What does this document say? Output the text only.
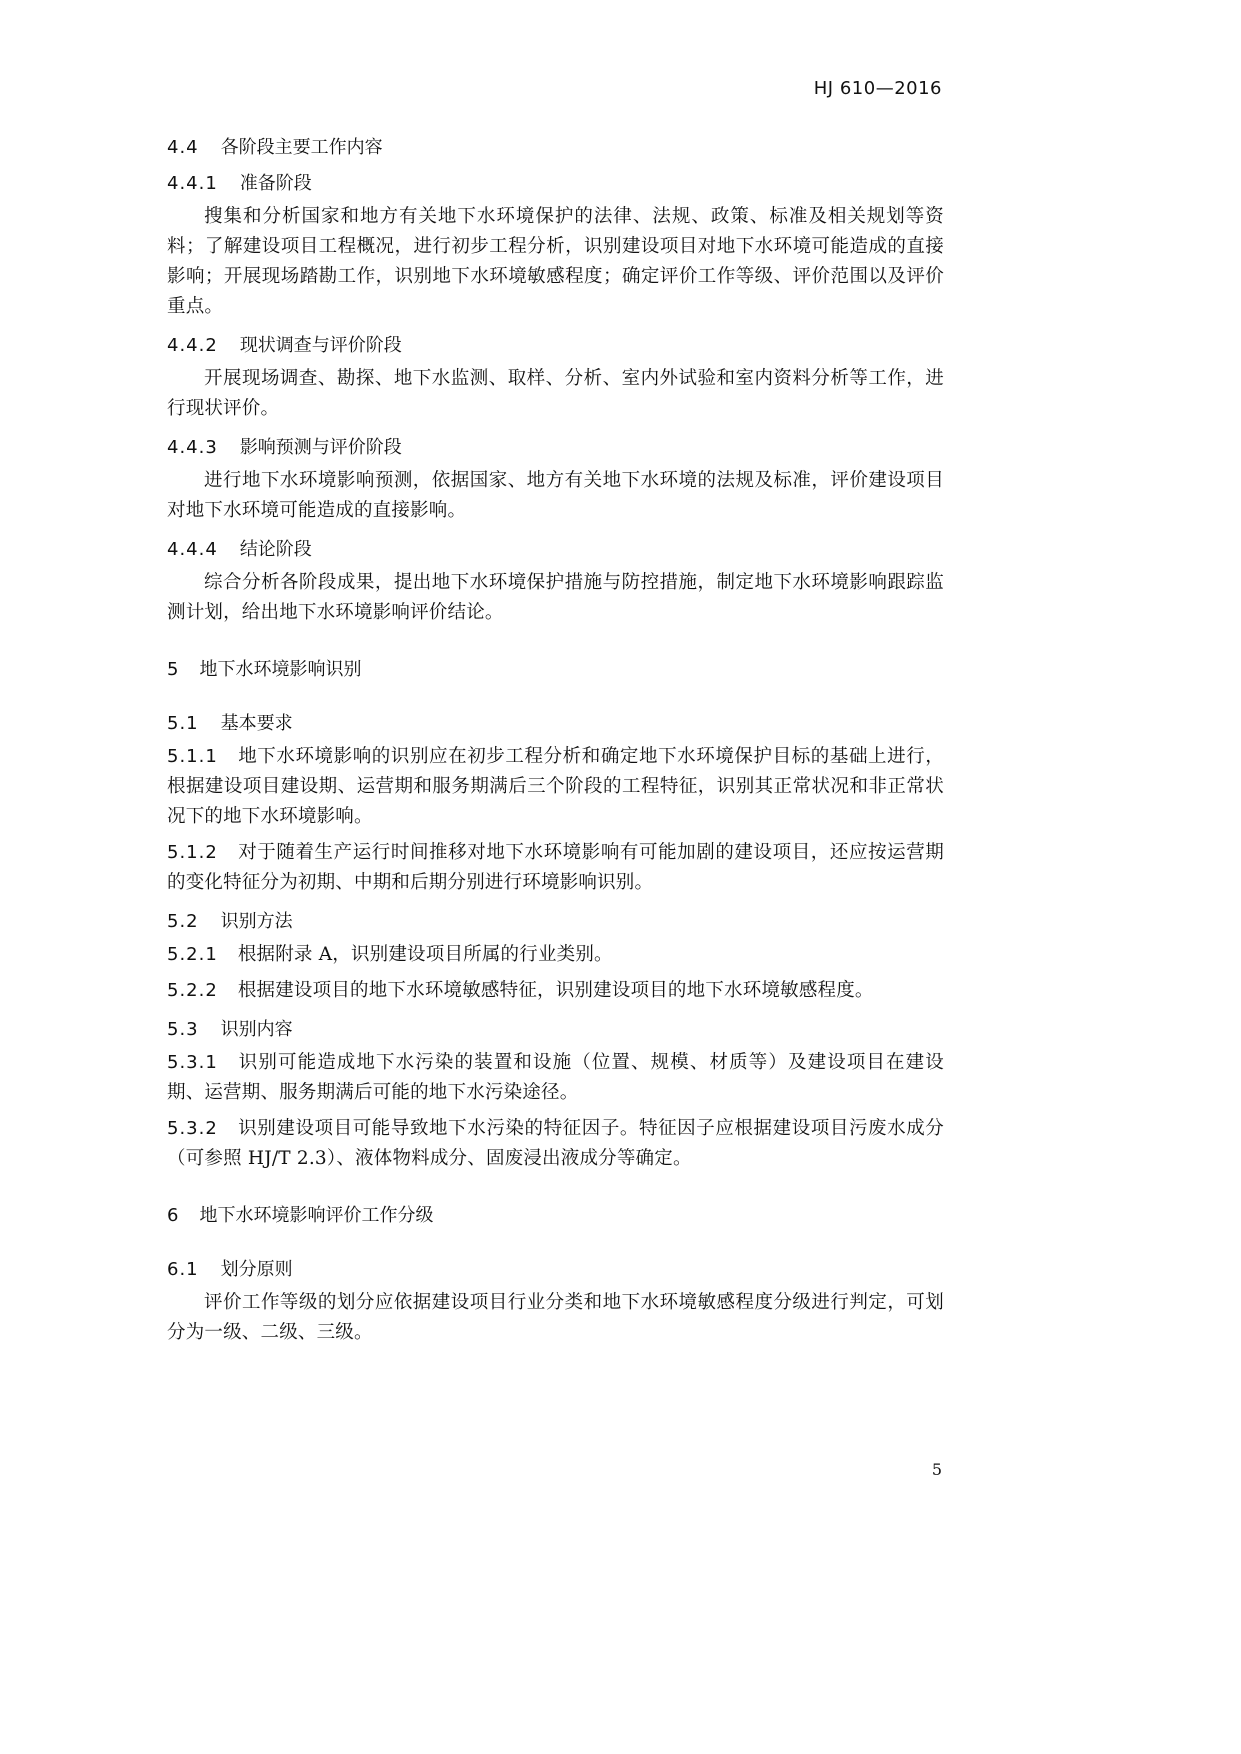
HJ 610—2016
4.4 各阶段主要工作内容
4.4.1 准备阶段

搜集和分析国家和地方有关地下水环境保护的法律、法规、政策、标准及相关规划等资料；了解建设项目工程概况，进行初步工程分析，识别建设项目对地下水环境可能造成的直接影响；开展现场踏勘工作，识别地下水环境敏感程度；确定评价工作等级、评价范围以及评价重点。

4.4.2 现状调查与评价阶段

开展现场调查、勘探、地下水监测、取样、分析、室内外试验和室内资料分析等工作，进行现状评价。

4.4.3 影响预测与评价阶段

进行地下水环境影响预测，依据国家、地方有关地下水环境的法规及标准，评价建设项目对地下水环境可能造成的直接影响。

4.4.4 结论阶段

综合分析各阶段成果，提出地下水环境保护措施与防控措施，制定地下水环境影响跟踪监测计划，给出地下水环境影响评价结论。

5 地下水环境影响识别
5.1 基本要求

5.1.1 地下水环境影响的识别应在初步工程分析和确定地下水环境保护目标的基础上进行，根据建设项目建设期、运营期和服务期满后三个阶段的工程特征，识别其正常状况和非正常状况下的地下水环境影响。

5.1.2 对于随着生产运行时间推移对地下水环境影响有可能加剧的建设项目，还应按运营期的变化特征分为初期、中期和后期分别进行环境影响识别。

5.2 识别方法

5.2.1 根据附录 A，识别建设项目所属的行业类别。

5.2.2 根据建设项目的地下水环境敏感特征，识别建设项目的地下水环境敏感程度。

5.3 识别内容

5.3.1 识别可能造成地下水污染的装置和设施（位置、规模、材质等）及建设项目在建设期、运营期、服务期满后可能的地下水污染途径。

5.3.2 识别建设项目可能导致地下水污染的特征因子。特征因子应根据建设项目污废水成分（可参照 HJ/T 2.3）、液体物料成分、固废浸出液成分等确定。

6 地下水环境影响评价工作分级
6.1 划分原则

评价工作等级的划分应依据建设项目行业分类和地下水环境敏感程度分级进行判定，可划分为一级、二级、三级。

5
